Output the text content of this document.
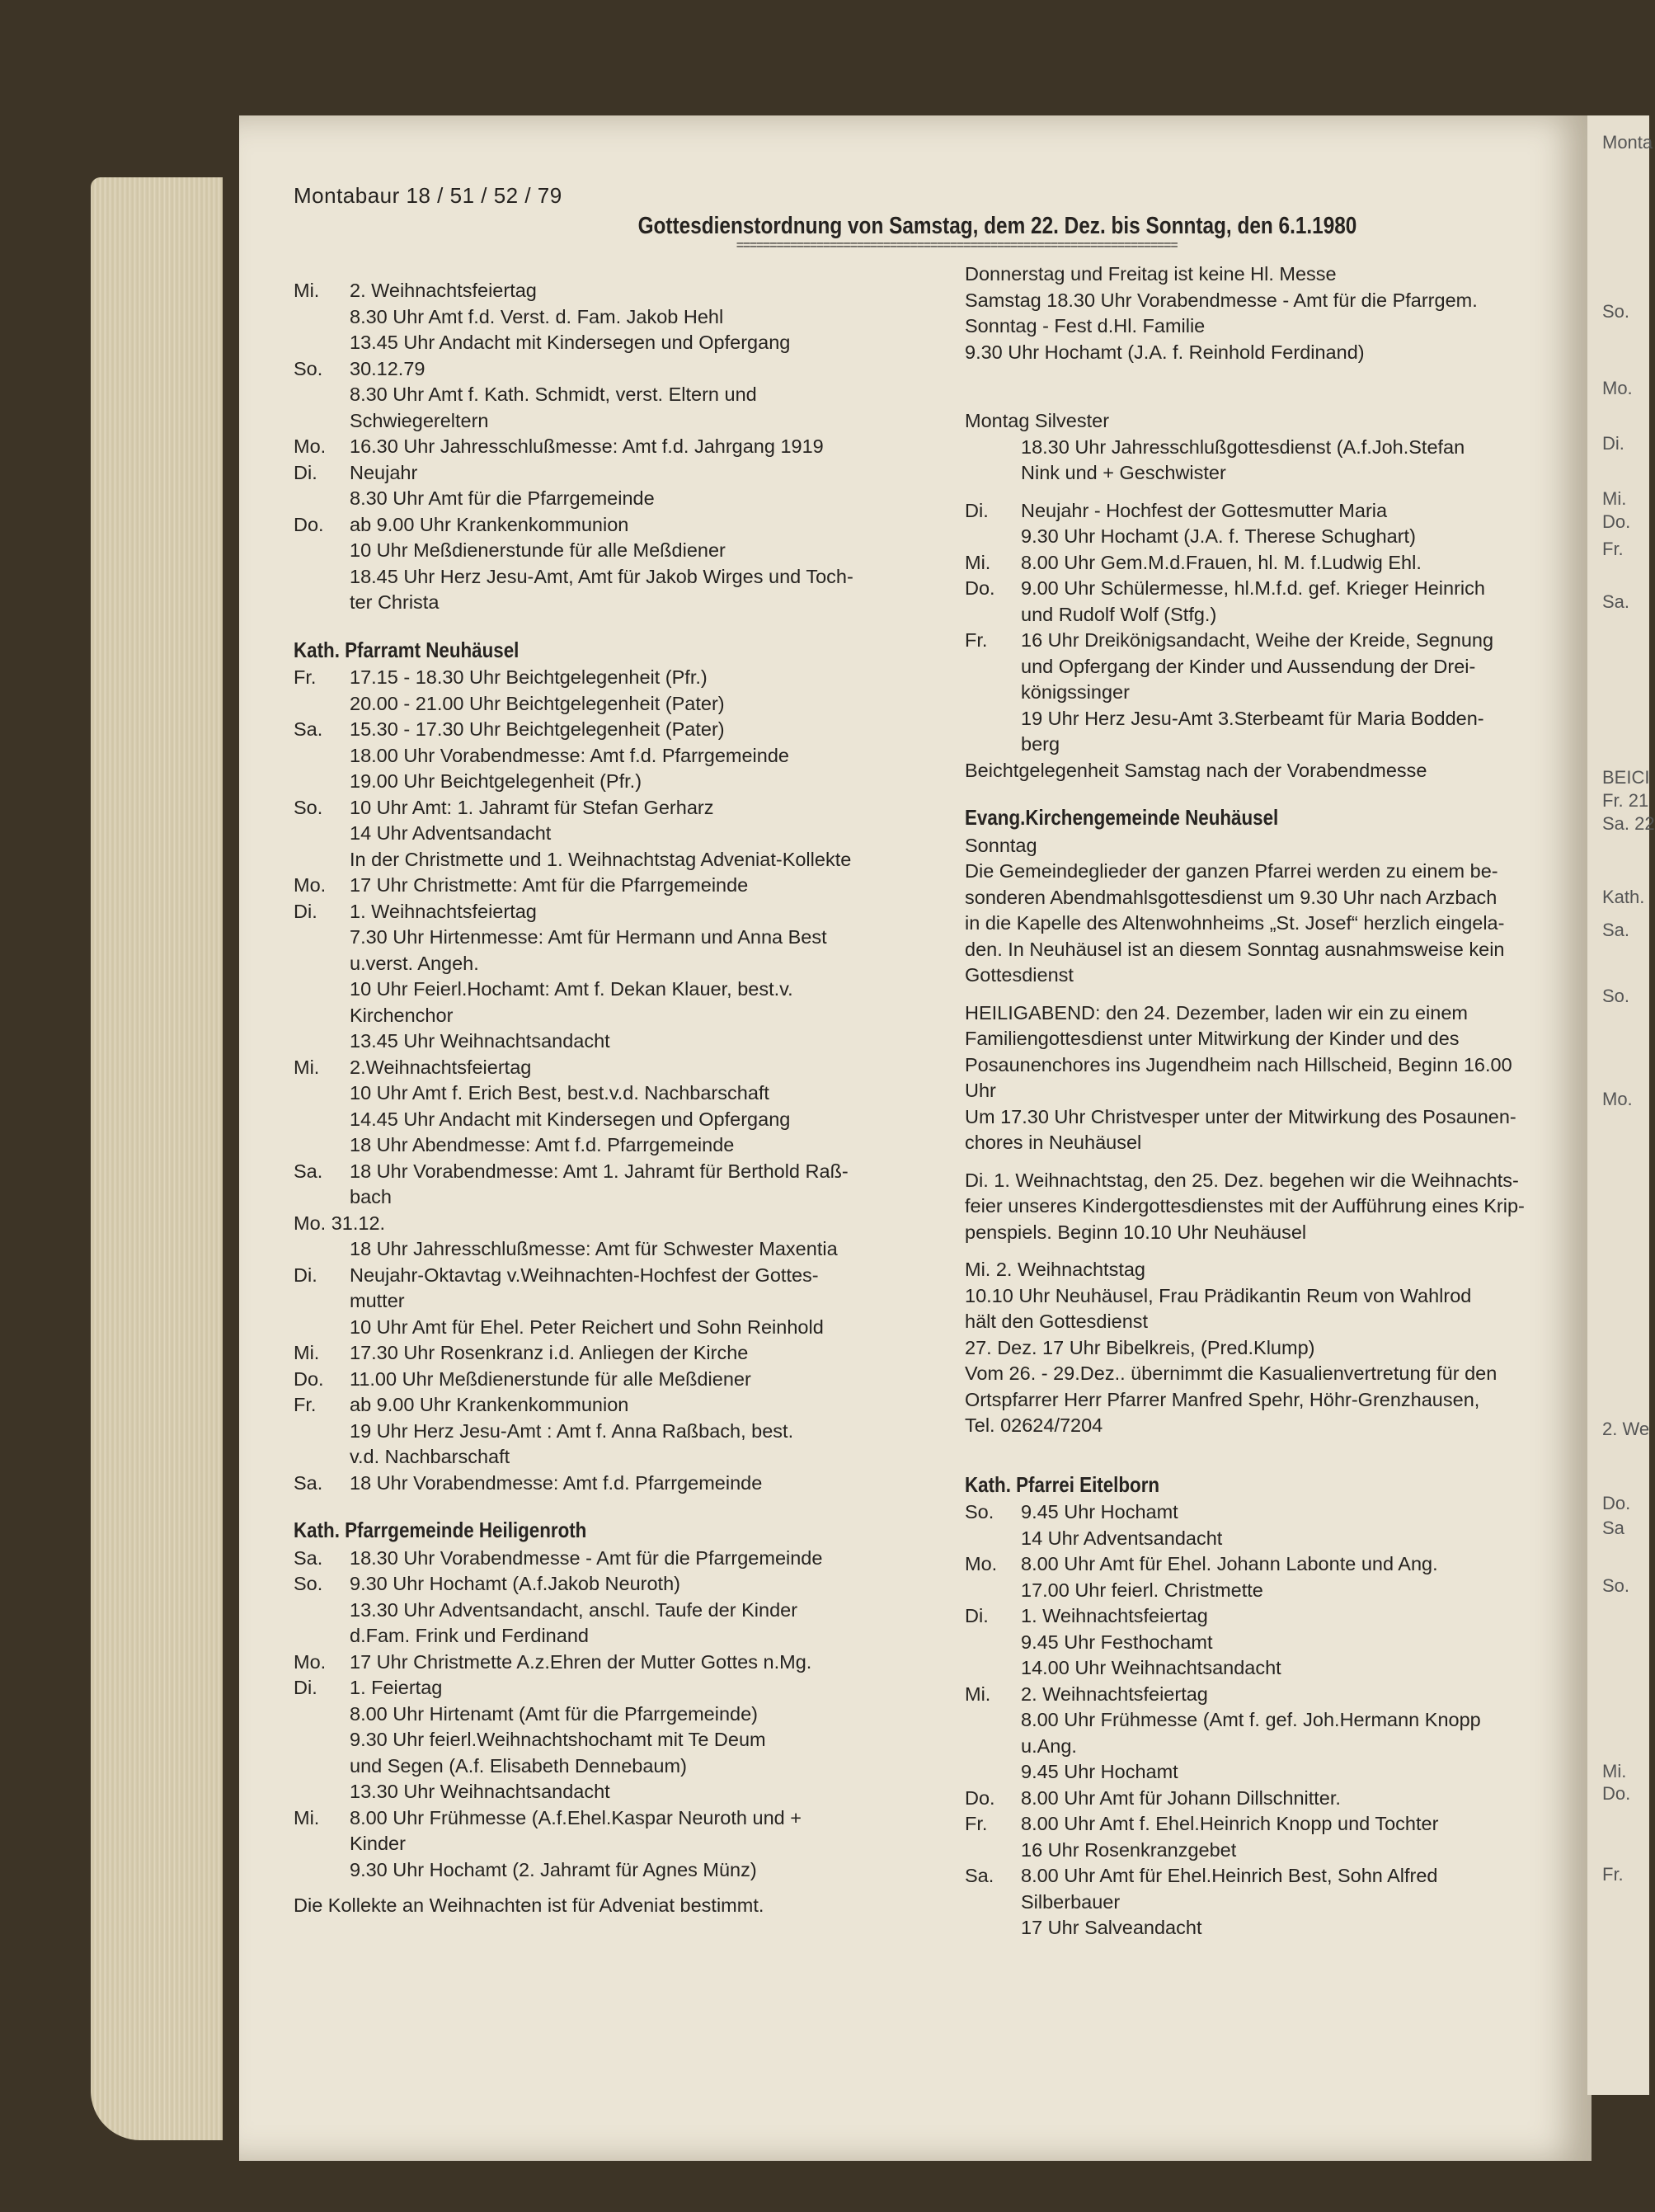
Montabaur 18 / 51 / 52 / 79
Gottesdienstordnung von Samstag, dem 22. Dez. bis Sonntag, den 6.1.1980
==================================================================
Mi.	2. Weihnachtsfeiertag
8.30 Uhr Amt f.d. Verst. d. Fam. Jakob Hehl
13.45 Uhr Andacht mit Kindersegen und Opfergang
So.	30.12.79
8.30 Uhr Amt f. Kath. Schmidt, verst. Eltern und
Schwiegereltern
Mo.	16.30 Uhr Jahresschlußmesse: Amt f.d. Jahrgang 1919
Di.	Neujahr
8.30 Uhr Amt für die Pfarrgemeinde
Do.	ab 9.00 Uhr Krankenkommunion
10 Uhr Meßdienerstunde für alle Meßdiener
18.45 Uhr Herz Jesu-Amt, Amt für Jakob Wirges und Toch-
ter Christa
Kath. Pfarramt Neuhäusel
Fr.	17.15 - 18.30 Uhr Beichtgelegenheit (Pfr.)
20.00 - 21.00 Uhr Beichtgelegenheit (Pater)
Sa.	15.30 - 17.30 Uhr Beichtgelegenheit (Pater)
18.00 Uhr Vorabendmesse: Amt f.d. Pfarrgemeinde
19.00 Uhr Beichtgelegenheit (Pfr.)
So.	10 Uhr Amt: 1. Jahramt für Stefan Gerharz
14 Uhr Adventsandacht
In der Christmette und 1. Weihnachtstag Adveniat-Kollekte
Mo.	17 Uhr Christmette: Amt für die Pfarrgemeinde
Di.	1. Weihnachtsfeiertag
7.30 Uhr Hirtenmesse: Amt für Hermann und Anna Best
u.verst. Angeh.
10 Uhr Feierl.Hochamt: Amt f. Dekan Klauer, best.v.
Kirchenchor
13.45 Uhr Weihnachtsandacht
Mi.	2.Weihnachtsfeiertag
10 Uhr Amt f. Erich Best, best.v.d. Nachbarschaft
14.45 Uhr Andacht mit Kindersegen und Opfergang
18 Uhr Abendmesse: Amt f.d. Pfarrgemeinde
Sa.	18 Uhr Vorabendmesse: Amt 1. Jahramt für Berthold Raß-
bach
Mo. 31.12.
18 Uhr Jahresschlußmesse: Amt für Schwester Maxentia
Di.	Neujahr-Oktavtag v.Weihnachten-Hochfest der Gottes-
mutter
10 Uhr Amt für Ehel. Peter Reichert und Sohn Reinhold
Mi.	17.30 Uhr Rosenkranz i.d. Anliegen der Kirche
Do.	11.00 Uhr Meßdienerstunde für alle Meßdiener
Fr.	ab 9.00 Uhr Krankenkommunion
19 Uhr Herz Jesu-Amt : Amt f. Anna Raßbach, best.
v.d. Nachbarschaft
Sa.	18 Uhr Vorabendmesse: Amt f.d. Pfarrgemeinde
Kath. Pfarrgemeinde Heiligenroth
Sa.	18.30 Uhr Vorabendmesse - Amt für die Pfarrgemeinde
So.	9.30 Uhr Hochamt (A.f.Jakob Neuroth)
13.30 Uhr Adventsandacht, anschl. Taufe der Kinder
d.Fam. Frink und Ferdinand
Mo.	17 Uhr Christmette A.z.Ehren der Mutter Gottes n.Mg.
Di.	1. Feiertag
8.00 Uhr Hirtenamt (Amt für die Pfarrgemeinde)
9.30 Uhr feierl.Weihnachtshochamt mit Te Deum
und Segen (A.f. Elisabeth Dennebaum)
13.30 Uhr Weihnachtsandacht
Mi.	8.00 Uhr Frühmesse (A.f.Ehel.Kaspar Neuroth und +
Kinder
9.30 Uhr Hochamt (2. Jahramt für Agnes Münz)
Die Kollekte an Weihnachten ist für Adveniat bestimmt.
Donnerstag und Freitag ist keine Hl. Messe
Samstag 18.30 Uhr Vorabendmesse - Amt für die Pfarrgem.
Sonntag - Fest d.Hl. Familie
9.30 Uhr Hochamt (J.A. f. Reinhold Ferdinand)
Montag Silvester
18.30 Uhr Jahresschlußgottesdienst (A.f.Joh.Stefan
Nink und + Geschwister
Di.	Neujahr - Hochfest der Gottesmutter Maria
9.30 Uhr Hochamt (J.A. f. Therese Schughart)
Mi.	8.00 Uhr Gem.M.d.Frauen, hl. M. f.Ludwig Ehl.
Do.	9.00 Uhr Schülermesse, hl.M.f.d. gef. Krieger Heinrich
und Rudolf Wolf (Stfg.)
Fr.	16 Uhr Dreikönigsandacht, Weihe der Kreide, Segnung
und Opfergang der Kinder und Aussendung der Drei-
königssinger
19 Uhr Herz Jesu-Amt 3.Sterbeamt für Maria Bodden-
berg
Beichtgelegenheit Samstag nach der Vorabendmesse
Evang.Kirchengemeinde Neuhäusel
Sonntag
Die Gemeindeglieder der ganzen Pfarrei werden zu einem be-
sonderen Abendmahlsgottesdienst um 9.30 Uhr nach Arzbach
in die Kapelle des Altenwohnheims „St. Josef“ herzlich eingela-
den. In Neuhäusel ist an diesem Sonntag ausnahmsweise kein
Gottesdienst
HEILIGABEND: den 24. Dezember, laden wir ein zu einem
Familiengottesdienst unter Mitwirkung der Kinder und des
Posaunenchores ins Jugendheim nach Hillscheid, Beginn 16.00
Uhr
Um 17.30 Uhr Christvesper unter der Mitwirkung des Posaunen-
chores in Neuhäusel
Di. 1. Weihnachtstag, den 25. Dez. begehen wir die Weihnachts-
feier unseres Kindergottesdienstes mit der Aufführung eines Krip-
penspiels. Beginn 10.10 Uhr Neuhäusel
Mi. 2. Weihnachtstag
10.10 Uhr Neuhäusel, Frau Prädikantin Reum von Wahlrod
hält den Gottesdienst
27. Dez. 17 Uhr Bibelkreis, (Pred.Klump)
Vom 26. - 29.Dez.. übernimmt die Kasualienvertretung für den
Ortspfarrer Herr Pfarrer Manfred Spehr, Höhr-Grenzhausen,
Tel. 02624/7204
Kath. Pfarrei Eitelborn
So.	9.45 Uhr Hochamt
14 Uhr Adventsandacht
Mo.	8.00 Uhr Amt für Ehel. Johann Labonte und Ang.
17.00 Uhr feierl. Christmette
Di.	1. Weihnachtsfeiertag
9.45 Uhr Festhochamt
14.00 Uhr Weihnachtsandacht
Mi.	2. Weihnachtsfeiertag
8.00 Uhr Frühmesse (Amt f. gef. Joh.Hermann Knopp
u.Ang.
9.45 Uhr Hochamt
Do.	8.00 Uhr Amt für Johann Dillschnitter.
Fr.	8.00 Uhr Amt f. Ehel.Heinrich Knopp und Tochter
16 Uhr Rosenkranzgebet
Sa.	8.00 Uhr Amt für Ehel.Heinrich Best, Sohn Alfred
Silberbauer
17 Uhr Salveandacht
Monta
So.
Mo.
Di.
Mi.
Do.
Fr.
Sa.
BEICI
Fr. 21
Sa. 22
Kath.
Sa.
So.
Mo.
2. We
Do.
Sa
So.
Mi.
Do.
Fr.
